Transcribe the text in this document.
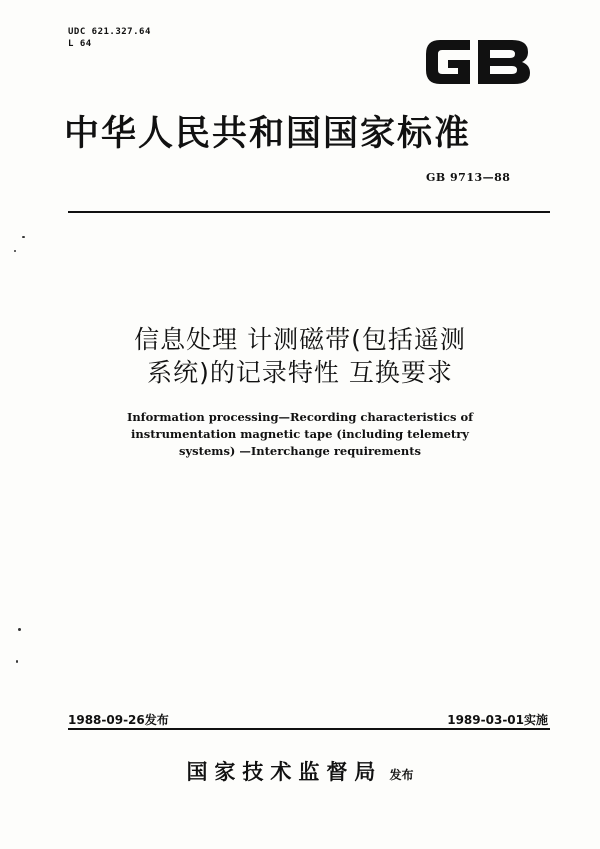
UDC 621.327.64
L 64
中华人民共和国国家标准
GB 9713—88
信息处理 计测磁带(包括遥测
系统)的记录特性 互换要求
Information processing—Recording characteristics of
instrumentation magnetic tape (including telemetry
systems) —Interchange requirements
1988-09-26发布	1989-03-01实施
国家技术监督局 发布
